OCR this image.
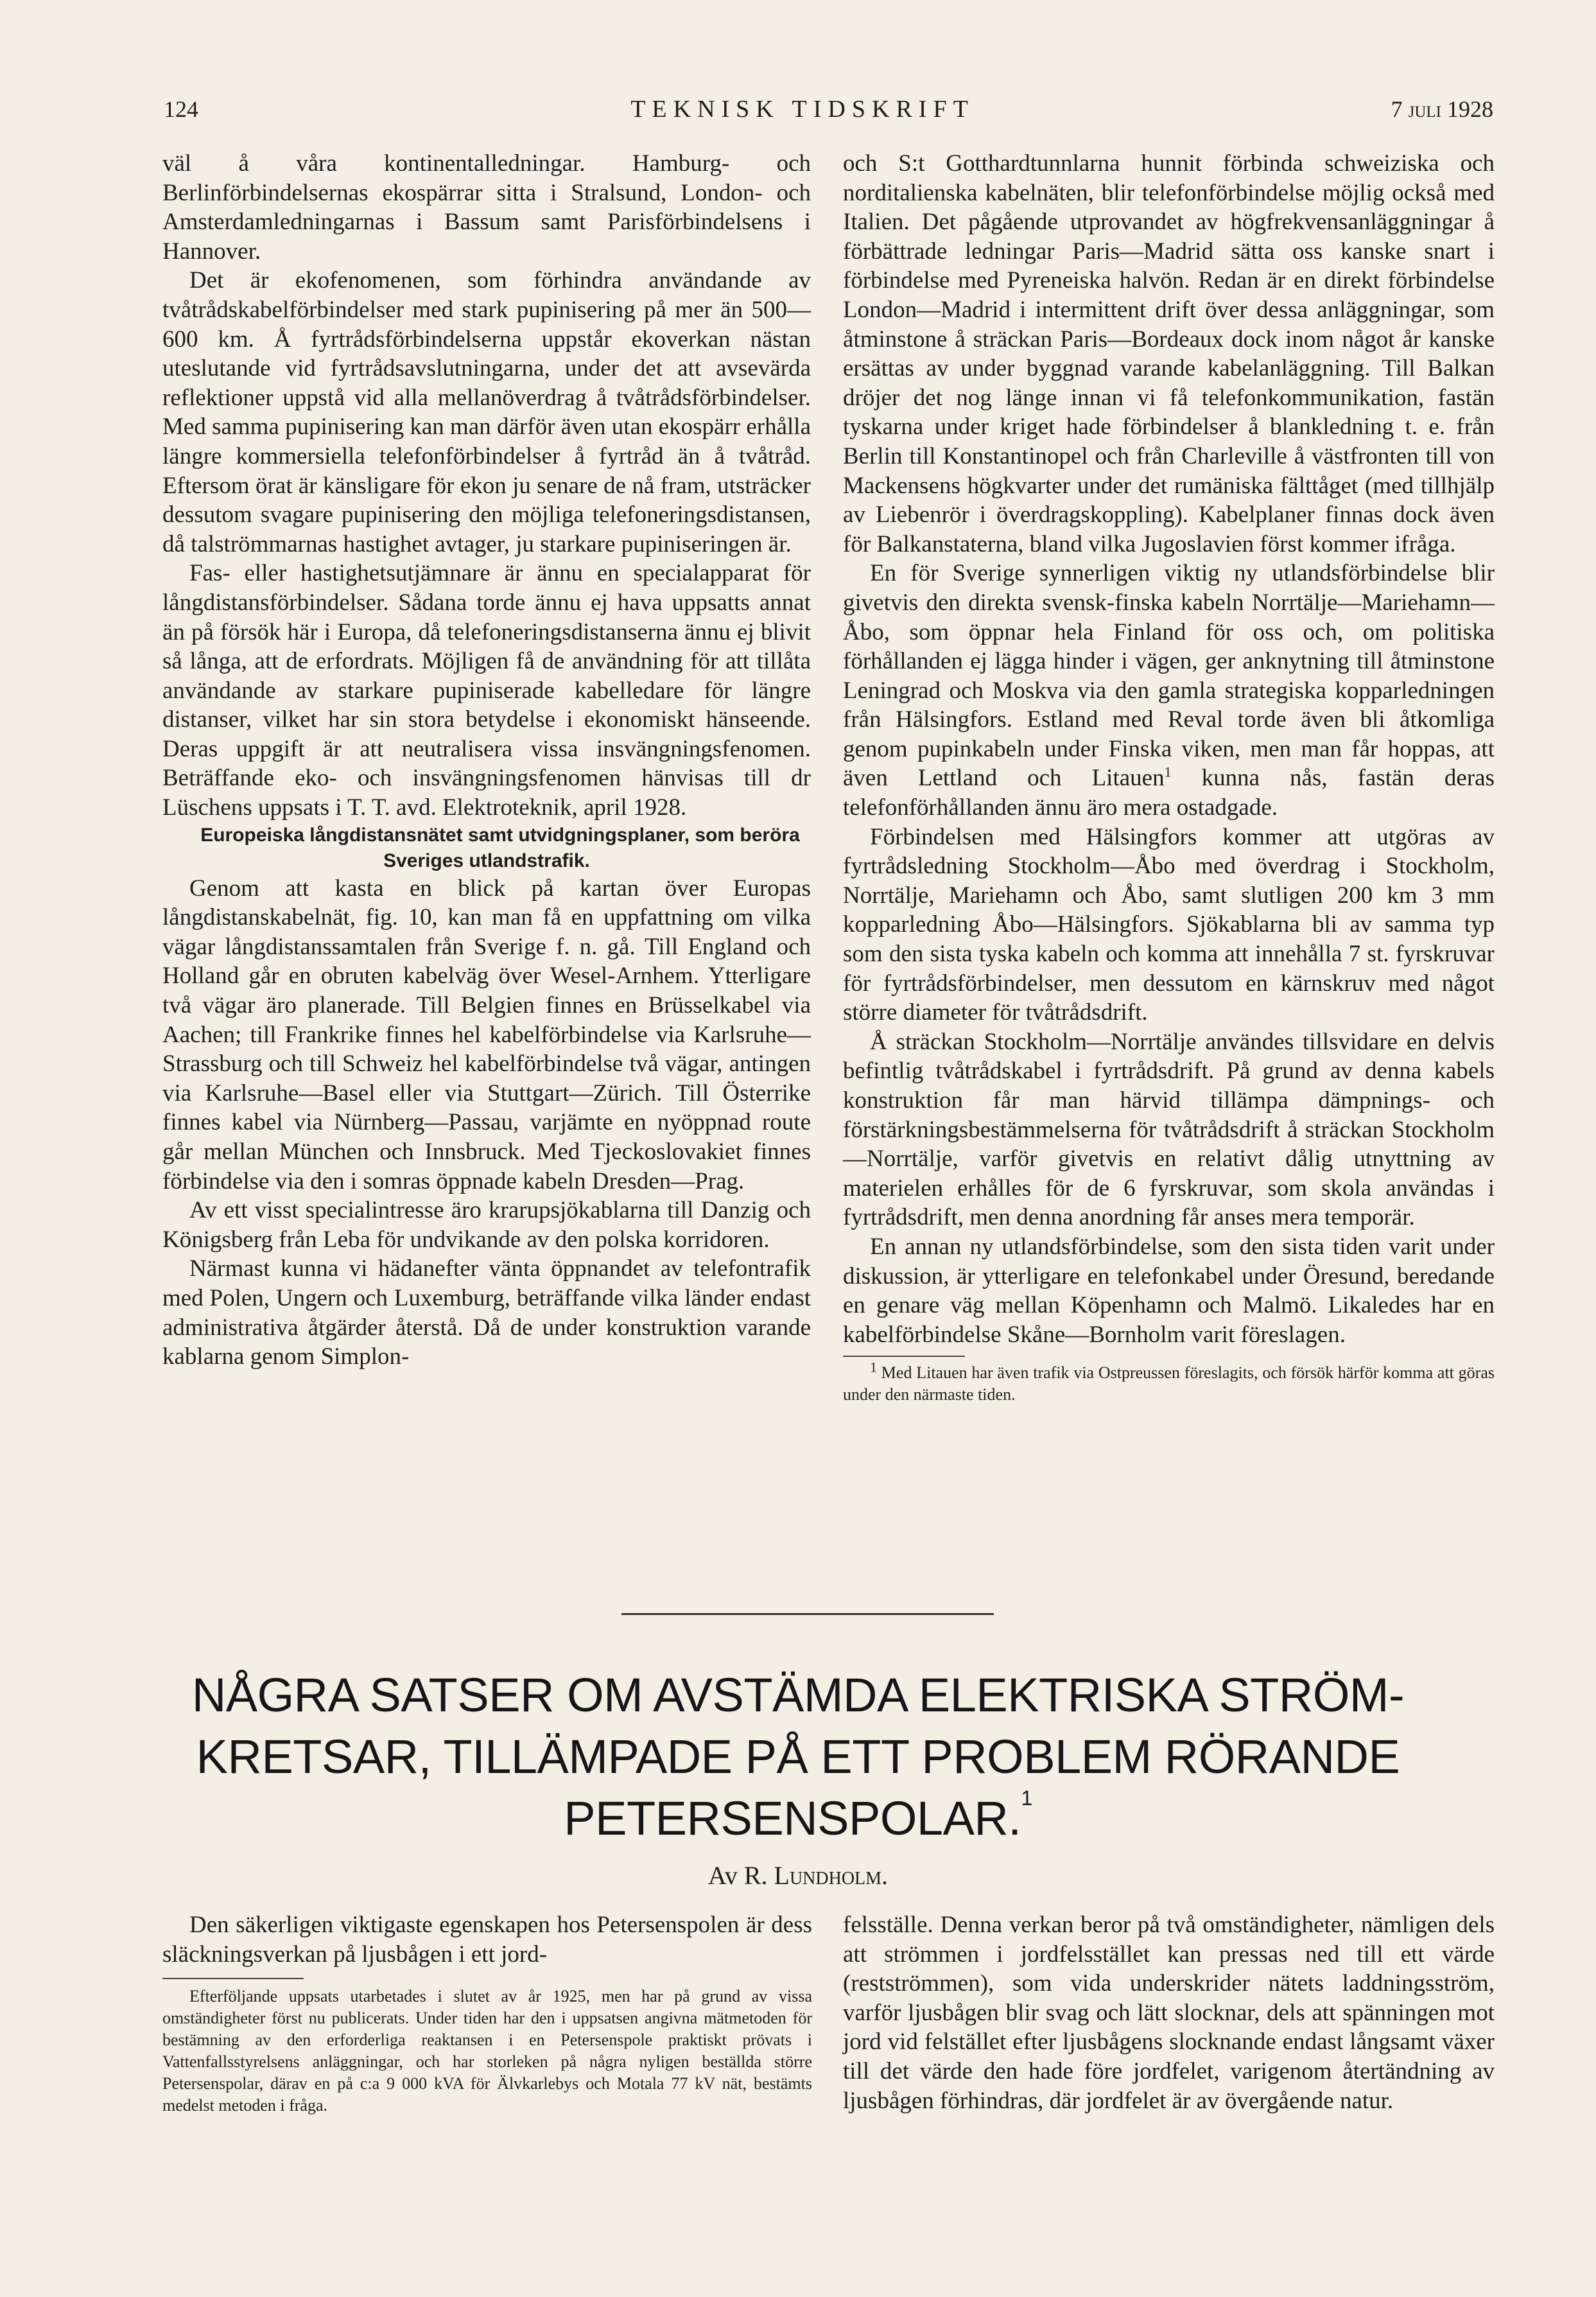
124	TEKNISK TIDSKRIFT	7 juli 1928

väl å våra kontinentalledningar. Hamburg- och Berlinförbindelsernas ekospärrar sitta i Stralsund, London- och Amsterdamledningarnas i Bassum samt Parisförbindelsens i Hannover.

Det är ekofenomenen, som förhindra användande av tvåtrådskabelförbindelser med stark pupinisering på mer än 500—600 km. Å fyrtrådsförbindelserna uppstår ekoverkan nästan uteslutande vid fyrtrådsavslutningarna, under det att avsevärda reflektioner uppstå vid alla mellanöverdrag å tvåtrådsförbindelser. Med samma pupinisering kan man därför även utan ekospärr erhålla längre kommersiella telefonförbindelser å fyrtråd än å tvåtråd. Eftersom örat är känsligare för ekon ju senare de nå fram, utsträcker dessutom svagare pupinisering den möjliga telefoneringsdistansen, då talströmmarnas hastighet avtager, ju starkare pupiniseringen är.

Fas- eller hastighetsutjämnare är ännu en specialapparat för långdistansförbindelser. Sådana torde ännu ej hava uppsatts annat än på försök här i Europa, då telefoneringsdistanserna ännu ej blivit så långa, att de erfordrats. Möjligen få de användning för att tillåta användande av starkare pupiniserade kabelledare för längre distanser, vilket har sin stora betydelse i ekonomiskt hänseende. Deras uppgift är att neutralisera vissa insvängningsfenomen. Beträffande eko- och insvängningsfenomen hänvisas till dr Lüschens uppsats i T. T. avd. Elektroteknik, april 1928.

Europeiska långdistansnätet samt utvidgningsplaner, som beröra Sveriges utlandstrafik.

Genom att kasta en blick på kartan över Europas långdistanskabelnät, fig. 10, kan man få en uppfattning om vilka vägar långdistanssamtalen från Sverige f. n. gå. Till England och Holland går en obruten kabelväg över Wesel-Arnhem. Ytterligare två vägar äro planerade. Till Belgien finnes en Brüsselkabel via Aachen; till Frankrike finnes hel kabelförbindelse via Karlsruhe—Strassburg och till Schweiz hel kabelförbindelse två vägar, antingen via Karlsruhe—Basel eller via Stuttgart—Zürich. Till Österrike finnes kabel via Nürnberg—Passau, varjämte en nyöppnad route går mellan München och Innsbruck. Med Tjeckoslovakiet finnes förbindelse via den i somras öppnade kabeln Dresden—Prag.

Av ett visst specialintresse äro krarupsjökablarna till Danzig och Königsberg från Leba för undvikande av den polska korridoren.

Närmast kunna vi hädanefter vänta öppnandet av telefontrafik med Polen, Ungern och Luxemburg, beträffande vilka länder endast administrativa åtgärder återstå. Då de under konstruktion varande kablarna genom Simplon-

och S:t Gotthardtunnlarna hunnit förbinda schweiziska och norditalienska kabelnäten, blir telefonförbindelse möjlig också med Italien. Det pågående utprovandet av högfrekvensanläggningar å förbättrade ledningar Paris—Madrid sätta oss kanske snart i förbindelse med Pyreneiska halvön. Redan är en direkt förbindelse London—Madrid i intermittent drift över dessa anläggningar, som åtminstone å sträckan Paris—Bordeaux dock inom något år kanske ersättas av under byggnad varande kabelanläggning. Till Balkan dröjer det nog länge innan vi få telefonkommunikation, fastän tyskarna under kriget hade förbindelser å blankledning t. e. från Berlin till Konstantinopel och från Charleville å västfronten till von Mackensens högkvarter under det rumäniska fälttåget (med tillhjälp av Liebenrör i överdragskoppling). Kabelplaner finnas dock även för Balkanstaterna, bland vilka Jugoslavien först kommer ifråga.

En för Sverige synnerligen viktig ny utlandsförbindelse blir givetvis den direkta svensk-finska kabeln Norrtälje—Mariehamn—Åbo, som öppnar hela Finland för oss och, om politiska förhållanden ej lägga hinder i vägen, ger anknytning till åtminstone Leningrad och Moskva via den gamla strategiska kopparledningen från Hälsingfors. Estland med Reval torde även bli åtkomliga genom pupinkabeln under Finska viken, men man får hoppas, att även Lettland och Litauen$^1$ kunna nås, fastän deras telefonförhållanden ännu äro mera ostadgade.

Förbindelsen med Hälsingfors kommer att utgöras av fyrtrådsledning Stockholm—Åbo med överdrag i Stockholm, Norrtälje, Mariehamn och Åbo, samt slutligen 200 km 3 mm kopparledning Åbo—Hälsingfors. Sjökablarna bli av samma typ som den sista tyska kabeln och komma att innehålla 7 st. fyrskruvar för fyrtrådsförbindelser, men dessutom en kärnskruv med något större diameter för tvåtrådsdrift.

Å sträckan Stockholm—Norrtälje användes tillsvidare en delvis befintlig tvåtrådskabel i fyrtrådsdrift. På grund av denna kabels konstruktion får man härvid tillämpa dämpnings- och förstärkningsbestämmelserna för tvåtrådsdrift å sträckan Stockholm—Norrtälje, varför givetvis en relativt dålig utnyttning av materielen erhålles för de 6 fyrskruvar, som skola användas i fyrtrådsdrift, men denna anordning får anses mera temporär.

En annan ny utlandsförbindelse, som den sista tiden varit under diskussion, är ytterligare en telefonkabel under Öresund, beredande en genare väg mellan Köpenhamn och Malmö. Likaledes har en kabelförbindelse Skåne—Bornholm varit föreslagen.

$^1$ Med Litauen har även trafik via Ostpreussen föreslagits, och försök härför komma att göras under den närmaste tiden.

NÅGRA SATSER OM AVSTÄMDA ELEKTRISKA STRÖM-
KRETSAR, TILLÄMPADE PÅ ETT PROBLEM RÖRANDE
PETERSENSPOLAR.$^1$
Av R. Lundholm.

Den säkerligen viktigaste egenskapen hos Petersenspolen är dess släckningsverkan på ljusbågen i ett jord-

Efterföljande uppsats utarbetades i slutet av år 1925, men har på grund av vissa omständigheter först nu publicerats. Under tiden har den i uppsatsen angivna mätmetoden för bestämning av den erforderliga reaktansen i en Petersenspole praktiskt prövats i Vattenfallsstyrelsens anläggningar, och har storleken på några nyligen beställda större Petersenspolar, därav en på c:a 9 000 kVA för Älvkarlebys och Motala 77 kV nät, bestämts medelst metoden i fråga.

felsställe. Denna verkan beror på två omständigheter, nämligen dels att strömmen i jordfelsstället kan pressas ned till ett värde (restströmmen), som vida underskrider nätets laddningsström, varför ljusbågen blir svag och lätt slocknar, dels att spänningen mot jord vid felstället efter ljusbågens slocknande endast långsamt växer till det värde den hade före jordfelet, varigenom återtändning av ljusbågen förhindras, där jordfelet är av övergående natur.
